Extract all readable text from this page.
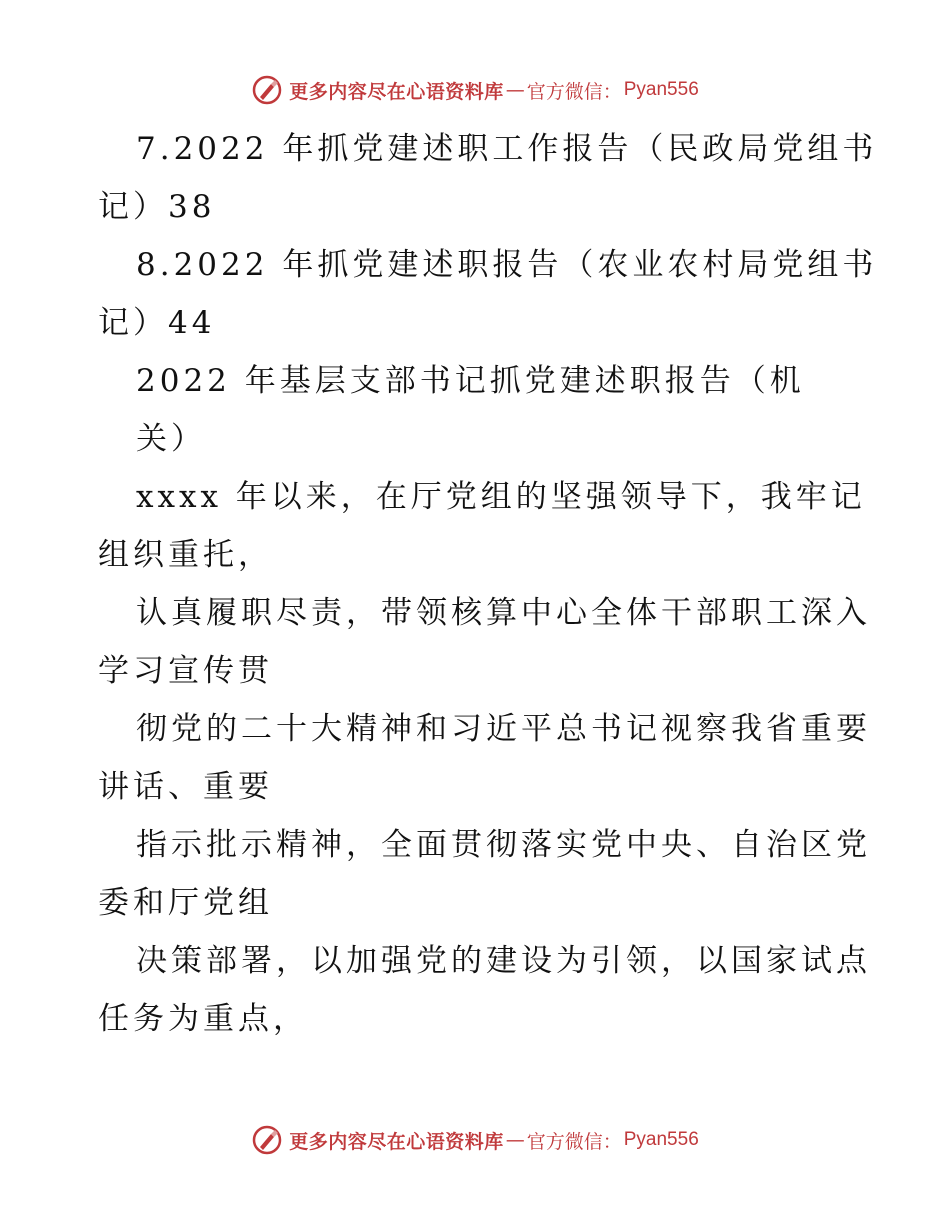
更多内容尽在心语资料库 — 官方微信： Pyan556
7.2022 年抓党建述职工作报告（民政局党组书
记）38
8.2022 年抓党建述职报告（农业农村局党组书
记）44
2022 年基层支部书记抓党建述职报告（机
关）
xxxx 年以来，在厅党组的坚强领导下，我牢记
组织重托，
认真履职尽责，带领核算中心全体干部职工深入
学习宣传贯
彻党的二十大精神和习近平总书记视察我省重要
讲话、重要
指示批示精神，全面贯彻落实党中央、自治区党
委和厅党组
决策部署，以加强党的建设为引领，以国家试点
任务为重点，
更多内容尽在心语资料库 — 官方微信： Pyan556
